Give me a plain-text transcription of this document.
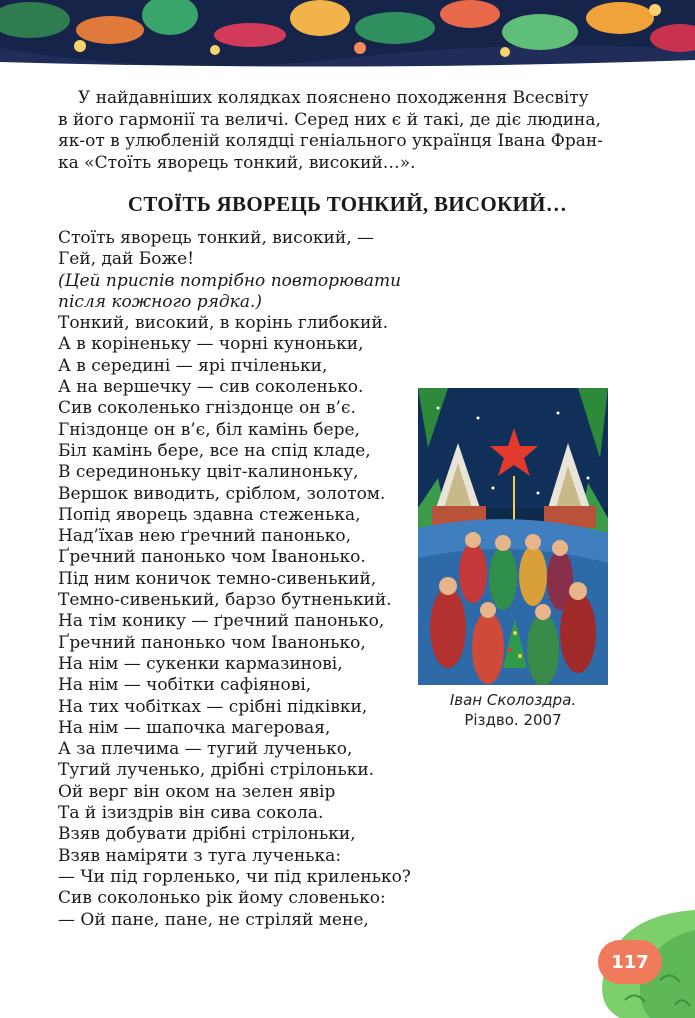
У найдавніших колядках пояснено походження Всесвіту
в його гармонії та величі. Серед них є й такі, де діє людина,
як-от в улюбленій колядці геніального українця Івана Фран-
ка «Стоїть яворець тонкий, високий…».
СТОЇТЬ ЯВОРЕЦЬ ТОНКИЙ, ВИСОКИЙ…
Стоїть яворець тонкий, високий, —
Гей, дай Боже!
(Цей приспів потрібно повторювати
після кожного рядка.)
Тонкий, високий, в корінь глибокий.
А в коріненьку — чорні куноньки,
А в середині — ярі пчіленьки,
А на вершечку — сив соколенько.
Сив соколенько гніздонце он в’є.
Гніздонце он в’є, біл камінь бере,
Біл камінь бере, все на спід кладе,
В серединоньку цвіт-калиноньку,
Вершок виводить, сріблом, золотом.
Попід яворець здавна стеженька,
Над’їхав нею ґречний панонько,
Ґречний панонько чом Іванонько.
Під ним коничок темно-сивенький,
Темно-сивенький, барзо бутненький.
На тім конику — ґречний панонько,
Ґречний панонько чом Іванонько,
На нім — сукенки кармазинові,
На нім — чобітки сафіянові,
На тих чобітках — срібні підківки,
На нім — шапочка магеровая,
А за плечима — тугий лученько,
Тугий лученько, дрібні стрілоньки.
Ой верг він оком на зелен явір
Та й ізиздрів він сива сокола.
Взяв добувати дрібні стрілоньки,
Взяв наміряти з туга лученька:
— Чи під горленько, чи під криленько?
Сив соколонько рік йому словенько:
— Ой пане, пане, не стріляй мене,
Іван Сколоздра.
Різдво. 2007
117
